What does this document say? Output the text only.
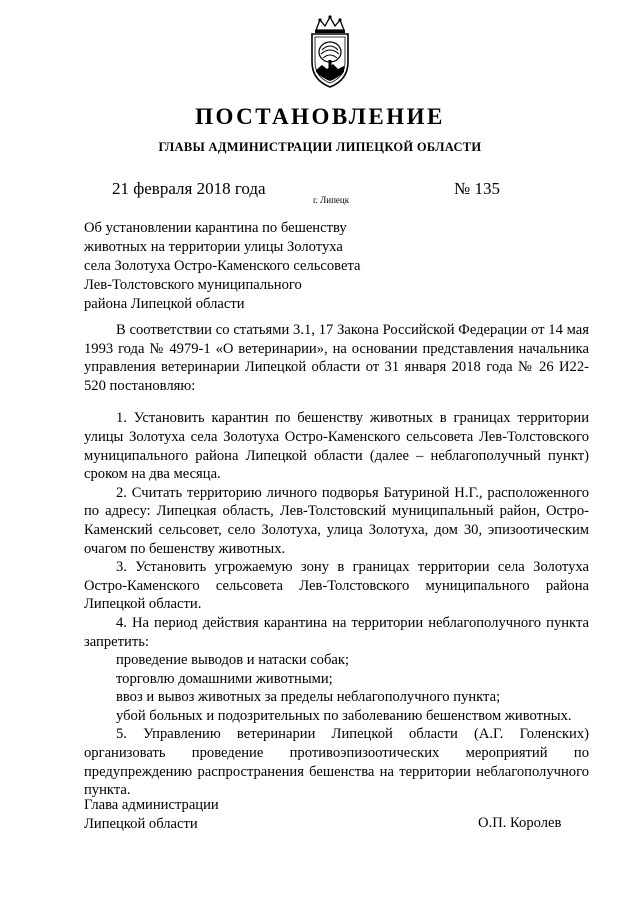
ПОСТАНОВЛЕНИЕ
ГЛАВЫ АДМИНИСТРАЦИИ ЛИПЕЦКОЙ ОБЛАСТИ
21 февраля 2018 года
г. Липецк
№ 135
Об установлении карантина по бешенству
животных на территории улицы Золотуха
села Золотуха Остро-Каменского сельсовета
Лев-Толстовского муниципального
района Липецкой области

В соответствии со статьями 3.1, 17 Закона Российской Федерации от 14 мая 1993 года № 4979-1 «О ветеринарии», на основании представления начальника управления ветеринарии Липецкой области от 31 января 2018 года № 26 И22-520 постановляю:

1. Установить карантин по бешенству животных в границах территории улицы Золотуха села Золотуха Остро-Каменского сельсовета Лев-Толстовского муниципального района Липецкой области (далее – неблагополучный пункт) сроком на два месяца.

2. Считать территорию личного подворья Батуриной Н.Г., расположенного по адресу: Липецкая область, Лев-Толстовский муниципальный район, Остро-Каменский сельсовет, село Золотуха, улица Золотуха, дом 30, эпизоотическим очагом по бешенству животных.

3. Установить угрожаемую зону в границах территории села Золотуха Остро-Каменского сельсовета Лев-Толстовского муниципального района Липецкой области.

4. На период действия карантина на территории неблагополучного пункта запретить:

проведение выводов и натаски собак;

торговлю домашними животными;

ввоз и вывоз животных за пределы неблагополучного пункта;

убой больных и подозрительных по заболеванию бешенством животных.

5. Управлению ветеринарии Липецкой области (А.Г. Голенских) организовать проведение противоэпизоотических мероприятий по предупреждению распространения бешенства на территории неблагополучного пункта.

Глава администрации
Липецкой области	О.П. Королев
